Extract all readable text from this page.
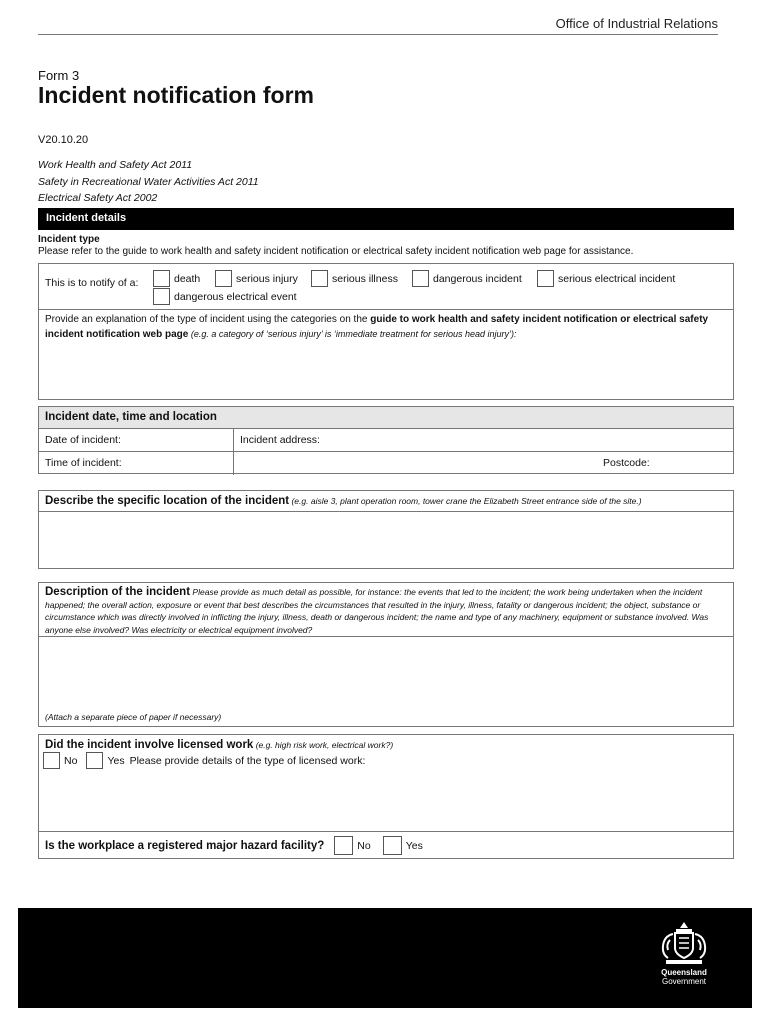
Office of Industrial Relations
Form 3
Incident notification form
V20.10.20
Work Health and Safety Act 2011
Safety in Recreational Water Activities Act 2011
Electrical Safety Act 2002
Incident details
Incident type
Please refer to the guide to work health and safety incident notification or electrical safety incident notification web page for assistance.
This is to notify of a:	death	serious injury	serious illness	dangerous incident	serious electrical incident
dangerous electrical event
Provide an explanation of the type of incident using the categories on the guide to work health and safety incident notification or electrical safety incident notification web page (e.g. a category of ‘serious injury’ is ‘immediate treatment for serious head injury’):
Incident date, time and location
Date of incident:	Incident address:
Time of incident:	Postcode:
Describe the specific location of the incident (e.g. aisle 3, plant operation room, tower crane the Elizabeth Street entrance side of the site.)
Description of the incident Please provide as much detail as possible, for instance: the events that led to the incident; the work being undertaken when the incident happened; the overall action, exposure or event that best describes the circumstances that resulted in the injury, illness, fatality or dangerous incident; the object, substance or circumstance which was directly involved in inflicting the injury, illness, death or dangerous incident; the name and type of any machinery, equipment or substance involved. Was anyone else involved? Was electricity or electrical equipment involved?
(Attach a separate piece of paper if necessary)
Did the incident involve licensed work (e.g. high risk work, electrical work?)
No	Yes Please provide details of the type of licensed work:
Is the workplace a registered major hazard facility?	No	Yes
Queensland
Government
